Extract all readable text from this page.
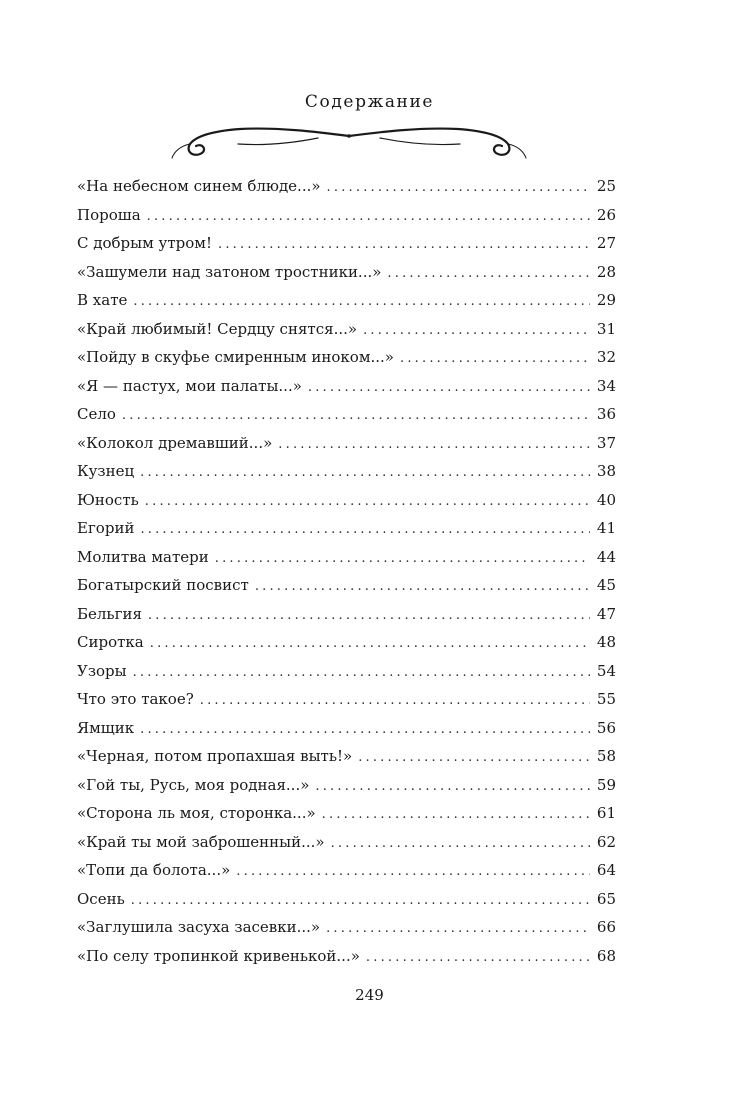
Содержание
«На небесном синем блюде...» .....	25
Пороша .....	26
С добрым утром! .....	27
«Зашумели над затоном тростники...» .....	28
В хате .....	29
«Край любимый! Сердцу снятся...» .....	31
«Пойду в скуфье смиренным иноком...» .....	32
«Я — пастух, мои палаты...» .....	34
Село .....	36
«Колокол дремавший...» .....	37
Кузнец .....	38
Юность .....	40
Егорий .....	41
Молитва матери .....	44
Богатырский посвист .....	45
Бельгия .....	47
Сиротка .....	48
Узоры .....	54
Что это такое? .....	55
Ямщик .....	56
«Черная, потом пропахшая выть!» .....	58
«Гой ты, Русь, моя родная...» .....	59
«Сторона ль моя, сторонка...» .....	61
«Край ты мой заброшенный...» .....	62
«Топи да болота...» .....	64
Осень .....	65
«Заглушила засуха засевки...» .....	66
«По селу тропинкой кривенькой...» .....	68
249
